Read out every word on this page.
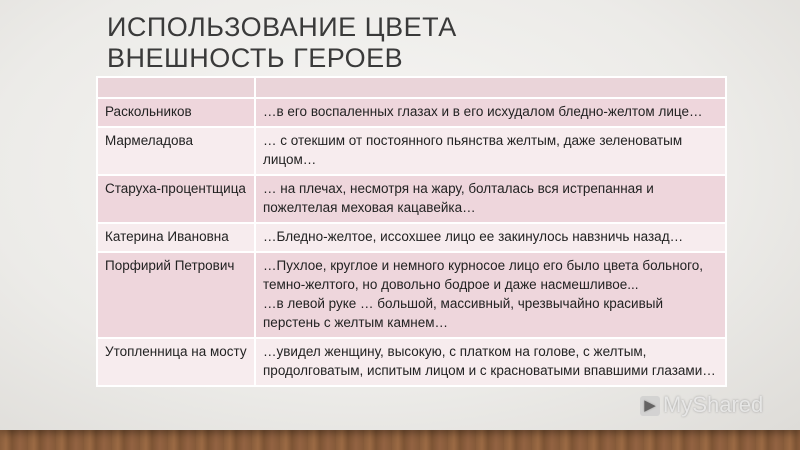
ИСПОЛЬЗОВАНИЕ ЦВЕТА
ВНЕШНОСТЬ ГЕРОЕВ

Раскольников	…в его воспаленных глазах и в его исхудалом бледно-желтом лице…

Мармеладова	… с отекшим от постоянного пьянства желтым, даже зеленоватым лицом…

Старуха-процентщица	… на плечах, несмотря на жару, болталась вся истрепанная и пожелтелая меховая кацавейка…

Катерина Ивановна	…Бледно-желтое, иссохшее лицо ее закинулось навзничь назад…

Порфирий Петрович	…Пухлое, круглое и немного курносое лицо его было цвета больного, темно-желтого, но довольно бодрое и даже насмешливое...
…в левой руке … большой, массивный, чрезвычайно красивый перстень с желтым камнем…

Утопленница на мосту	…увидел женщину, высокую, с платком на голове, с желтым, продолговатым, испитым лицом и с красноватыми впавшими глазами…
▶ MyShared
